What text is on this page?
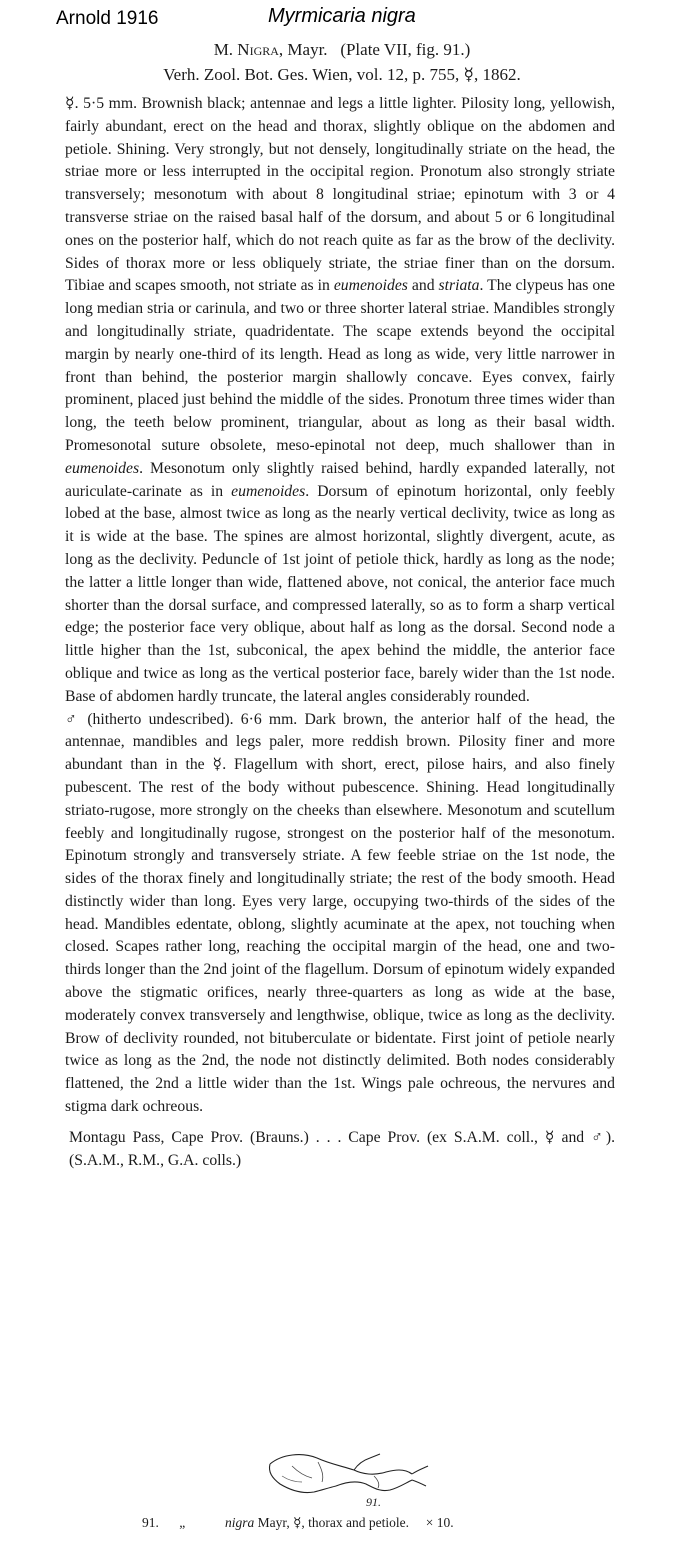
Arnold 1916	Myrmicaria nigra
M. Nigra, Mayr. (Plate VII, fig. 91.)
Verh. Zool. Bot. Ges. Wien, vol. 12, p. 755, ☿, 1862.

☿. 5·5 mm. Brownish black; antennae and legs a little lighter. Pilosity long, yellowish, fairly abundant, erect on the head and thorax, slightly oblique on the abdomen and petiole. Shining. Very strongly, but not densely, longitudinally striate on the head, the striae more or less interrupted in the occipital region. Pronotum also strongly striate transversely; mesonotum with about 8 longitudinal striae; epinotum with 3 or 4 transverse striae on the raised basal half of the dorsum, and about 5 or 6 longitudinal ones on the posterior half, which do not reach quite as far as the brow of the declivity. Sides of thorax more or less obliquely striate, the striae finer than on the dorsum. Tibiae and scapes smooth, not striate as in eumenoides and striata. The clypeus has one long median stria or carinula, and two or three shorter lateral striae. Mandibles strongly and longitudinally striate, quadridentate. The scape extends beyond the occipital margin by nearly one-third of its length. Head as long as wide, very little narrower in front than behind, the posterior margin shallowly concave. Eyes convex, fairly prominent, placed just behind the middle of the sides. Pronotum three times wider than long, the teeth below prominent, triangular, about as long as their basal width. Promesonotal suture obsolete, meso-epinotal not deep, much shallower than in eumenoides. Mesonotum only slightly raised behind, hardly expanded laterally, not auriculate-carinate as in eumenoides. Dorsum of epinotum horizontal, only feebly lobed at the base, almost twice as long as the nearly vertical declivity, twice as long as it is wide at the base. The spines are almost horizontal, slightly divergent, acute, as long as the declivity. Peduncle of 1st joint of petiole thick, hardly as long as the node; the latter a little longer than wide, flattened above, not conical, the anterior face much shorter than the dorsal surface, and compressed laterally, so as to form a sharp vertical edge; the posterior face very oblique, about half as long as the dorsal. Second node a little higher than the 1st, subconical, the apex behind the middle, the anterior face oblique and twice as long as the vertical posterior face, barely wider than the 1st node. Base of abdomen hardly truncate, the lateral angles considerably rounded.

♂ (hitherto undescribed). 6·6 mm. Dark brown, the anterior half of the head, the antennae, mandibles and legs paler, more reddish brown. Pilosity finer and more abundant than in the ☿. Flagellum with short, erect, pilose hairs, and also finely pubescent. The rest of the body without pubescence. Shining. Head longitudinally striato-rugose, more strongly on the cheeks than elsewhere. Mesonotum and scutellum feebly and longitudinally rugose, strongest on the posterior half of the mesonotum. Epinotum strongly and transversely striate. A few feeble striae on the 1st node, the sides of the thorax finely and longitudinally striate; the rest of the body smooth. Head distinctly wider than long. Eyes very large, occupying two-thirds of the sides of the head. Mandibles edentate, oblong, slightly acuminate at the apex, not touching when closed. Scapes rather long, reaching the occipital margin of the head, one and two-thirds longer than the 2nd joint of the flagellum. Dorsum of epinotum widely expanded above the stigmatic orifices, nearly three-quarters as long as wide at the base, moderately convex transversely and lengthwise, oblique, twice as long as the declivity. Brow of declivity rounded, not bituberculate or bidentate. First joint of petiole nearly twice as long as the 2nd, the node not distinctly delimited. Both nodes considerably flattened, the 2nd a little wider than the 1st. Wings pale ochreous, the nervures and stigma dark ochreous.

Montagu Pass, Cape Prov. (Brauns.) . . . Cape Prov. (ex S.A.M. coll., ☿ and ♂). (S.A.M., R.M., G.A. colls.)

91.
91. „	nigra Mayr, ☿, thorax and petiole. × 10.
